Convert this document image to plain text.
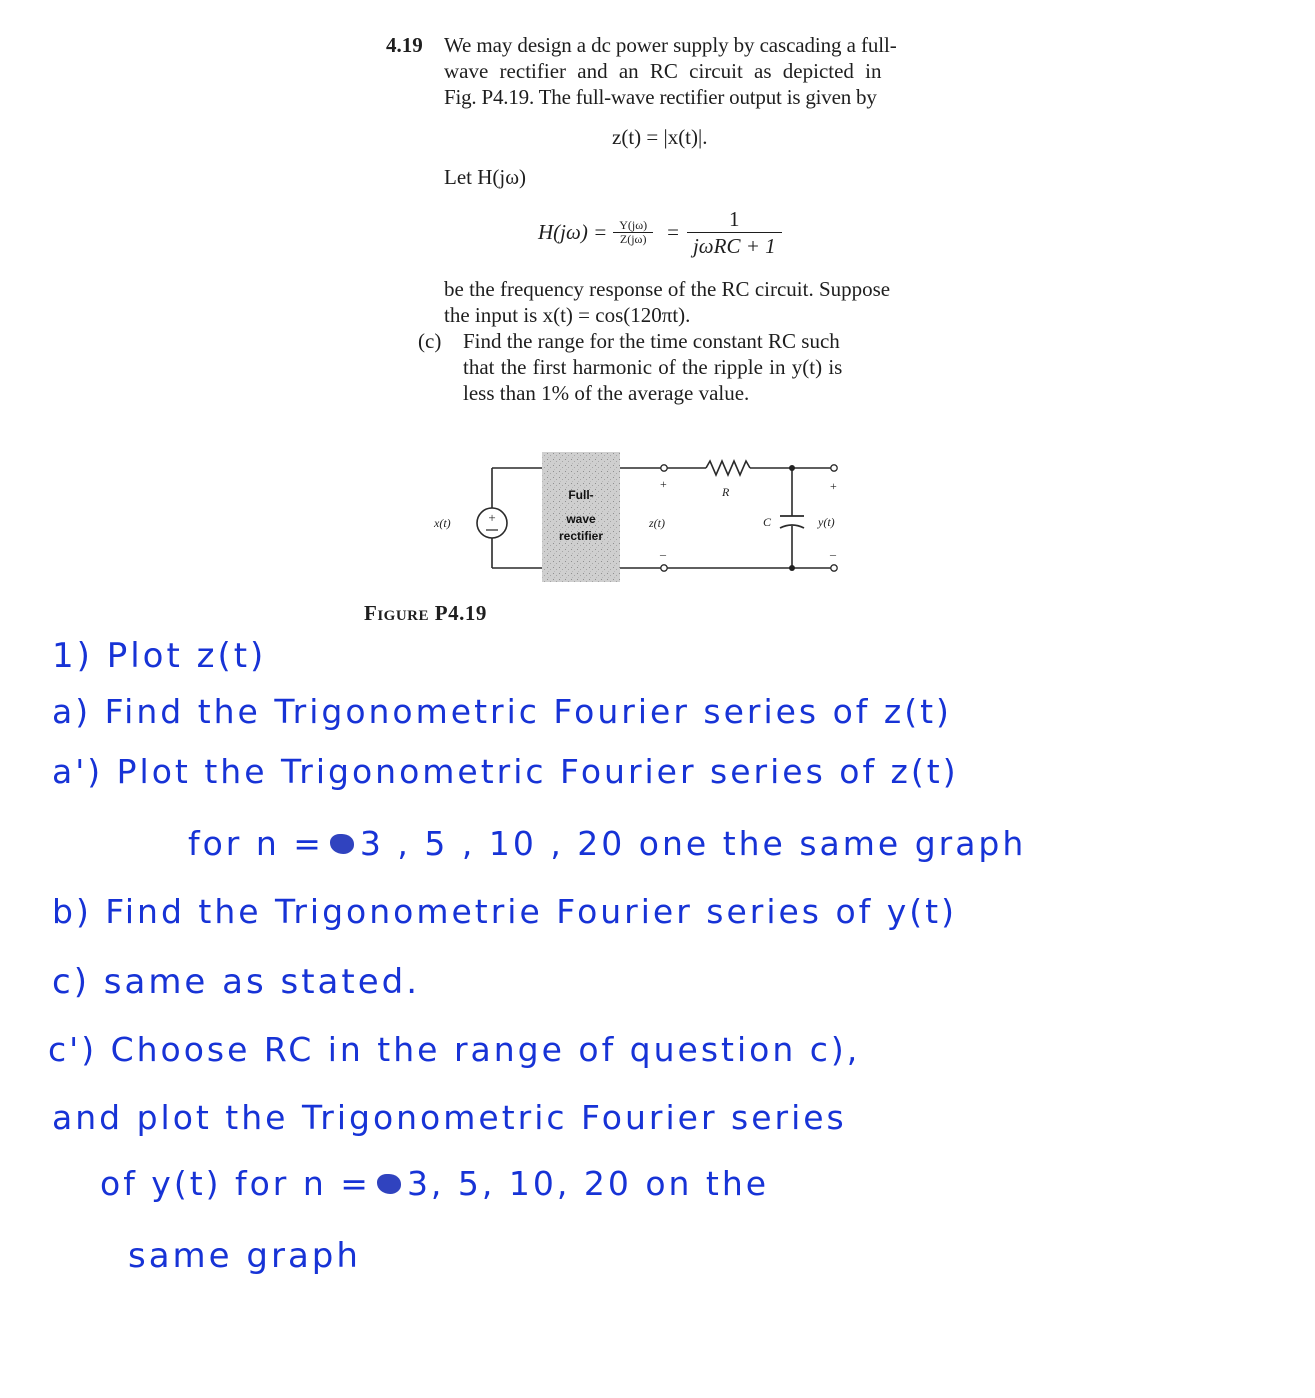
4.19 We may design a dc power supply by cascading a full-
wave rectifier and an RC circuit as depicted in
Fig. P4.19. The full-wave rectifier output is given by
z(t) = |x(t)|.
Let H(jω)
$H(j\omega) = \frac{Y(j\omega)}{Z(j\omega)} = \frac{1}{\text{jωRC + 1}}$
be the frequency response of the RC circuit. Suppose
the input is x(t) = cos(120πt).
(c) Find the range for the time constant RC such
that the first harmonic of the ripple in y(t) is
less than 1% of the average value.
+
Full-
wave
rectifier
x(t)
+
z(t)
–
R
C
+
y(t)
–
Figure P4.19
1) Plot z(t)
a) Find the Trigonometric Fourier series of z(t)
a') Plot the Trigonometric Fourier series of z(t)
for n = 3 , 5 , 10 , 20 one the same graph
b) Find the Trigonometrie Fourier series of y(t)
c) same as stated.
c') Choose RC in the range of question c),
and plot the Trigonometric Fourier series
of y(t) for n = 3, 5, 10, 20 on the
same graph
